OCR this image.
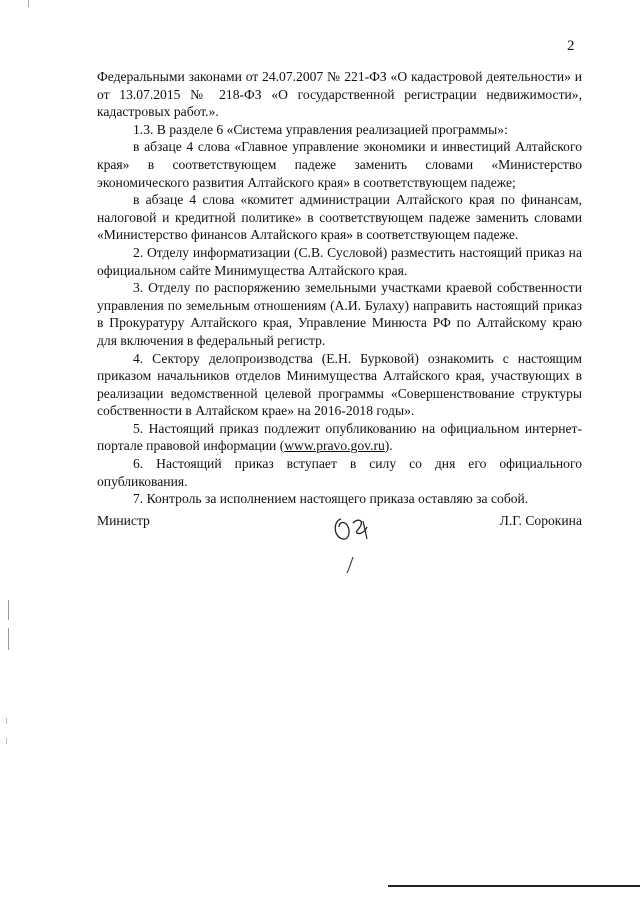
2

Федеральными законами от 24.07.2007 № 221-ФЗ «О кадастровой деятельности» и от 13.07.2015 № 218-ФЗ «О государственной регистрации недвижимости», кадастровых работ.».

1.3. В разделе 6 «Система управления реализацией программы»:

в абзаце 4 слова «Главное управление экономики и инвестиций Алтайского края» в соответствующем падеже заменить словами «Министерство экономического развития Алтайского края» в соответствующем падеже;

в абзаце 4 слова «комитет администрации Алтайского края по финансам, налоговой и кредитной политике» в соответствующем падеже заменить словами «Министерство финансов Алтайского края» в соответствующем падеже.

2. Отделу информатизации (С.В. Сусловой) разместить настоящий приказ на официальном сайте Минимущества Алтайского края.

3. Отделу по распоряжению земельными участками краевой собственности управления по земельным отношениям (А.И. Булаху) направить настоящий приказ в Прокуратуру Алтайского края, Управление Минюста РФ по Алтайскому краю для включения в федеральный регистр.

4. Сектору делопроизводства (Е.Н. Бурковой) ознакомить с настоящим приказом начальников отделов Минимущества Алтайского края, участвующих в реализации ведомственной целевой программы «Совершенствование структуры собственности в Алтайском крае» на 2016-2018 годы».

5. Настоящий приказ подлежит опубликованию на официальном интернет-портале правовой информации (www.pravo.gov.ru).

6. Настоящий приказ вступает в силу со дня его официального опубликования.

7. Контроль за исполнением настоящего приказа оставляю за собой.

Министр	Л.Г. Сорокина
